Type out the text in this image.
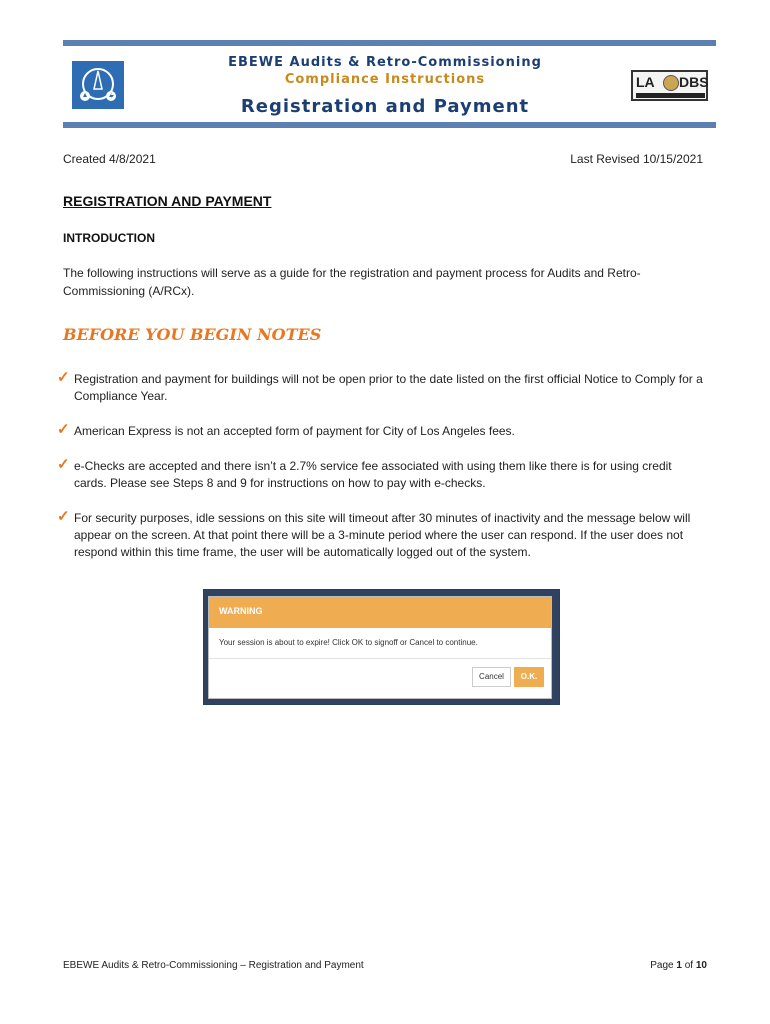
EBEWE Audits & Retro-Commissioning
Compliance Instructions
Registration and Payment
LA DBS
Created 4/8/2021	Last Revised 10/15/2021
REGISTRATION AND PAYMENT
INTRODUCTION
The following instructions will serve as a guide for the registration and payment process for Audits and Retro-Commissioning (A/RCx).
BEFORE YOU BEGIN NOTES
✓ Registration and payment for buildings will not be open prior to the date listed on the first official Notice to Comply for a Compliance Year.
✓ American Express is not an accepted form of payment for City of Los Angeles fees.
✓ e-Checks are accepted and there isn’t a 2.7% service fee associated with using them like there is for using credit cards. Please see Steps 8 and 9 for instructions on how to pay with e-checks.
✓ For security purposes, idle sessions on this site will timeout after 30 minutes of inactivity and the message below will appear on the screen. At that point there will be a 3-minute period where the user can respond. If the user does not respond within this time frame, the user will be automatically logged out of the system.
WARNING
Your session is about to expire! Click OK to signoff or Cancel to continue.
Cancel	O.K.
EBEWE Audits & Retro-Commissioning – Registration and Payment	Page 1 of 10
